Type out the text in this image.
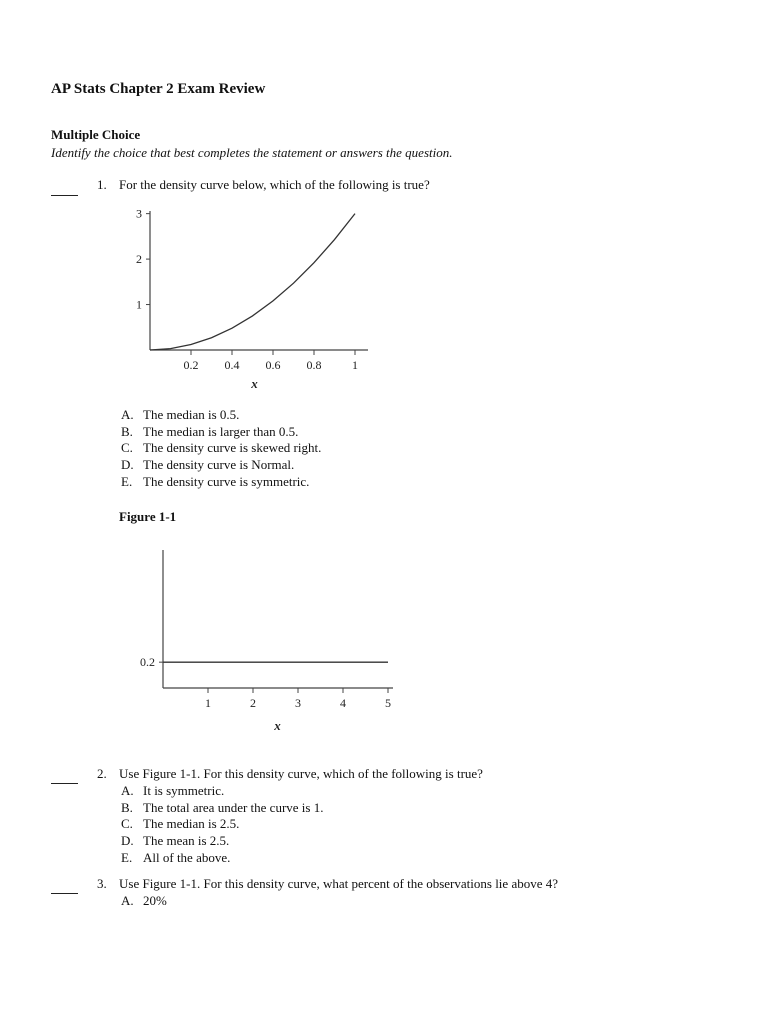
AP Stats Chapter 2 Exam Review
Multiple Choice
Identify the choice that best completes the statement or answers the question.
1. For the density curve below, which of the following is true?
0.2 0.4 0.6 0.8	1
1
2
3
x
A. The median is 0.5.
B. The median is larger than 0.5.
C. The density curve is skewed right.
D. The density curve is Normal.
E. The density curve is symmetric.
Figure 1-1
1	2	3	4	5
0.2
x
2. Use Figure 1-1. For this density curve, which of the following is true?
A. It is symmetric.
B. The total area under the curve is 1.
C. The median is 2.5.
D. The mean is 2.5.
E. All of the above.
3. Use Figure 1-1. For this density curve, what percent of the observations lie above 4?
A. 20%
